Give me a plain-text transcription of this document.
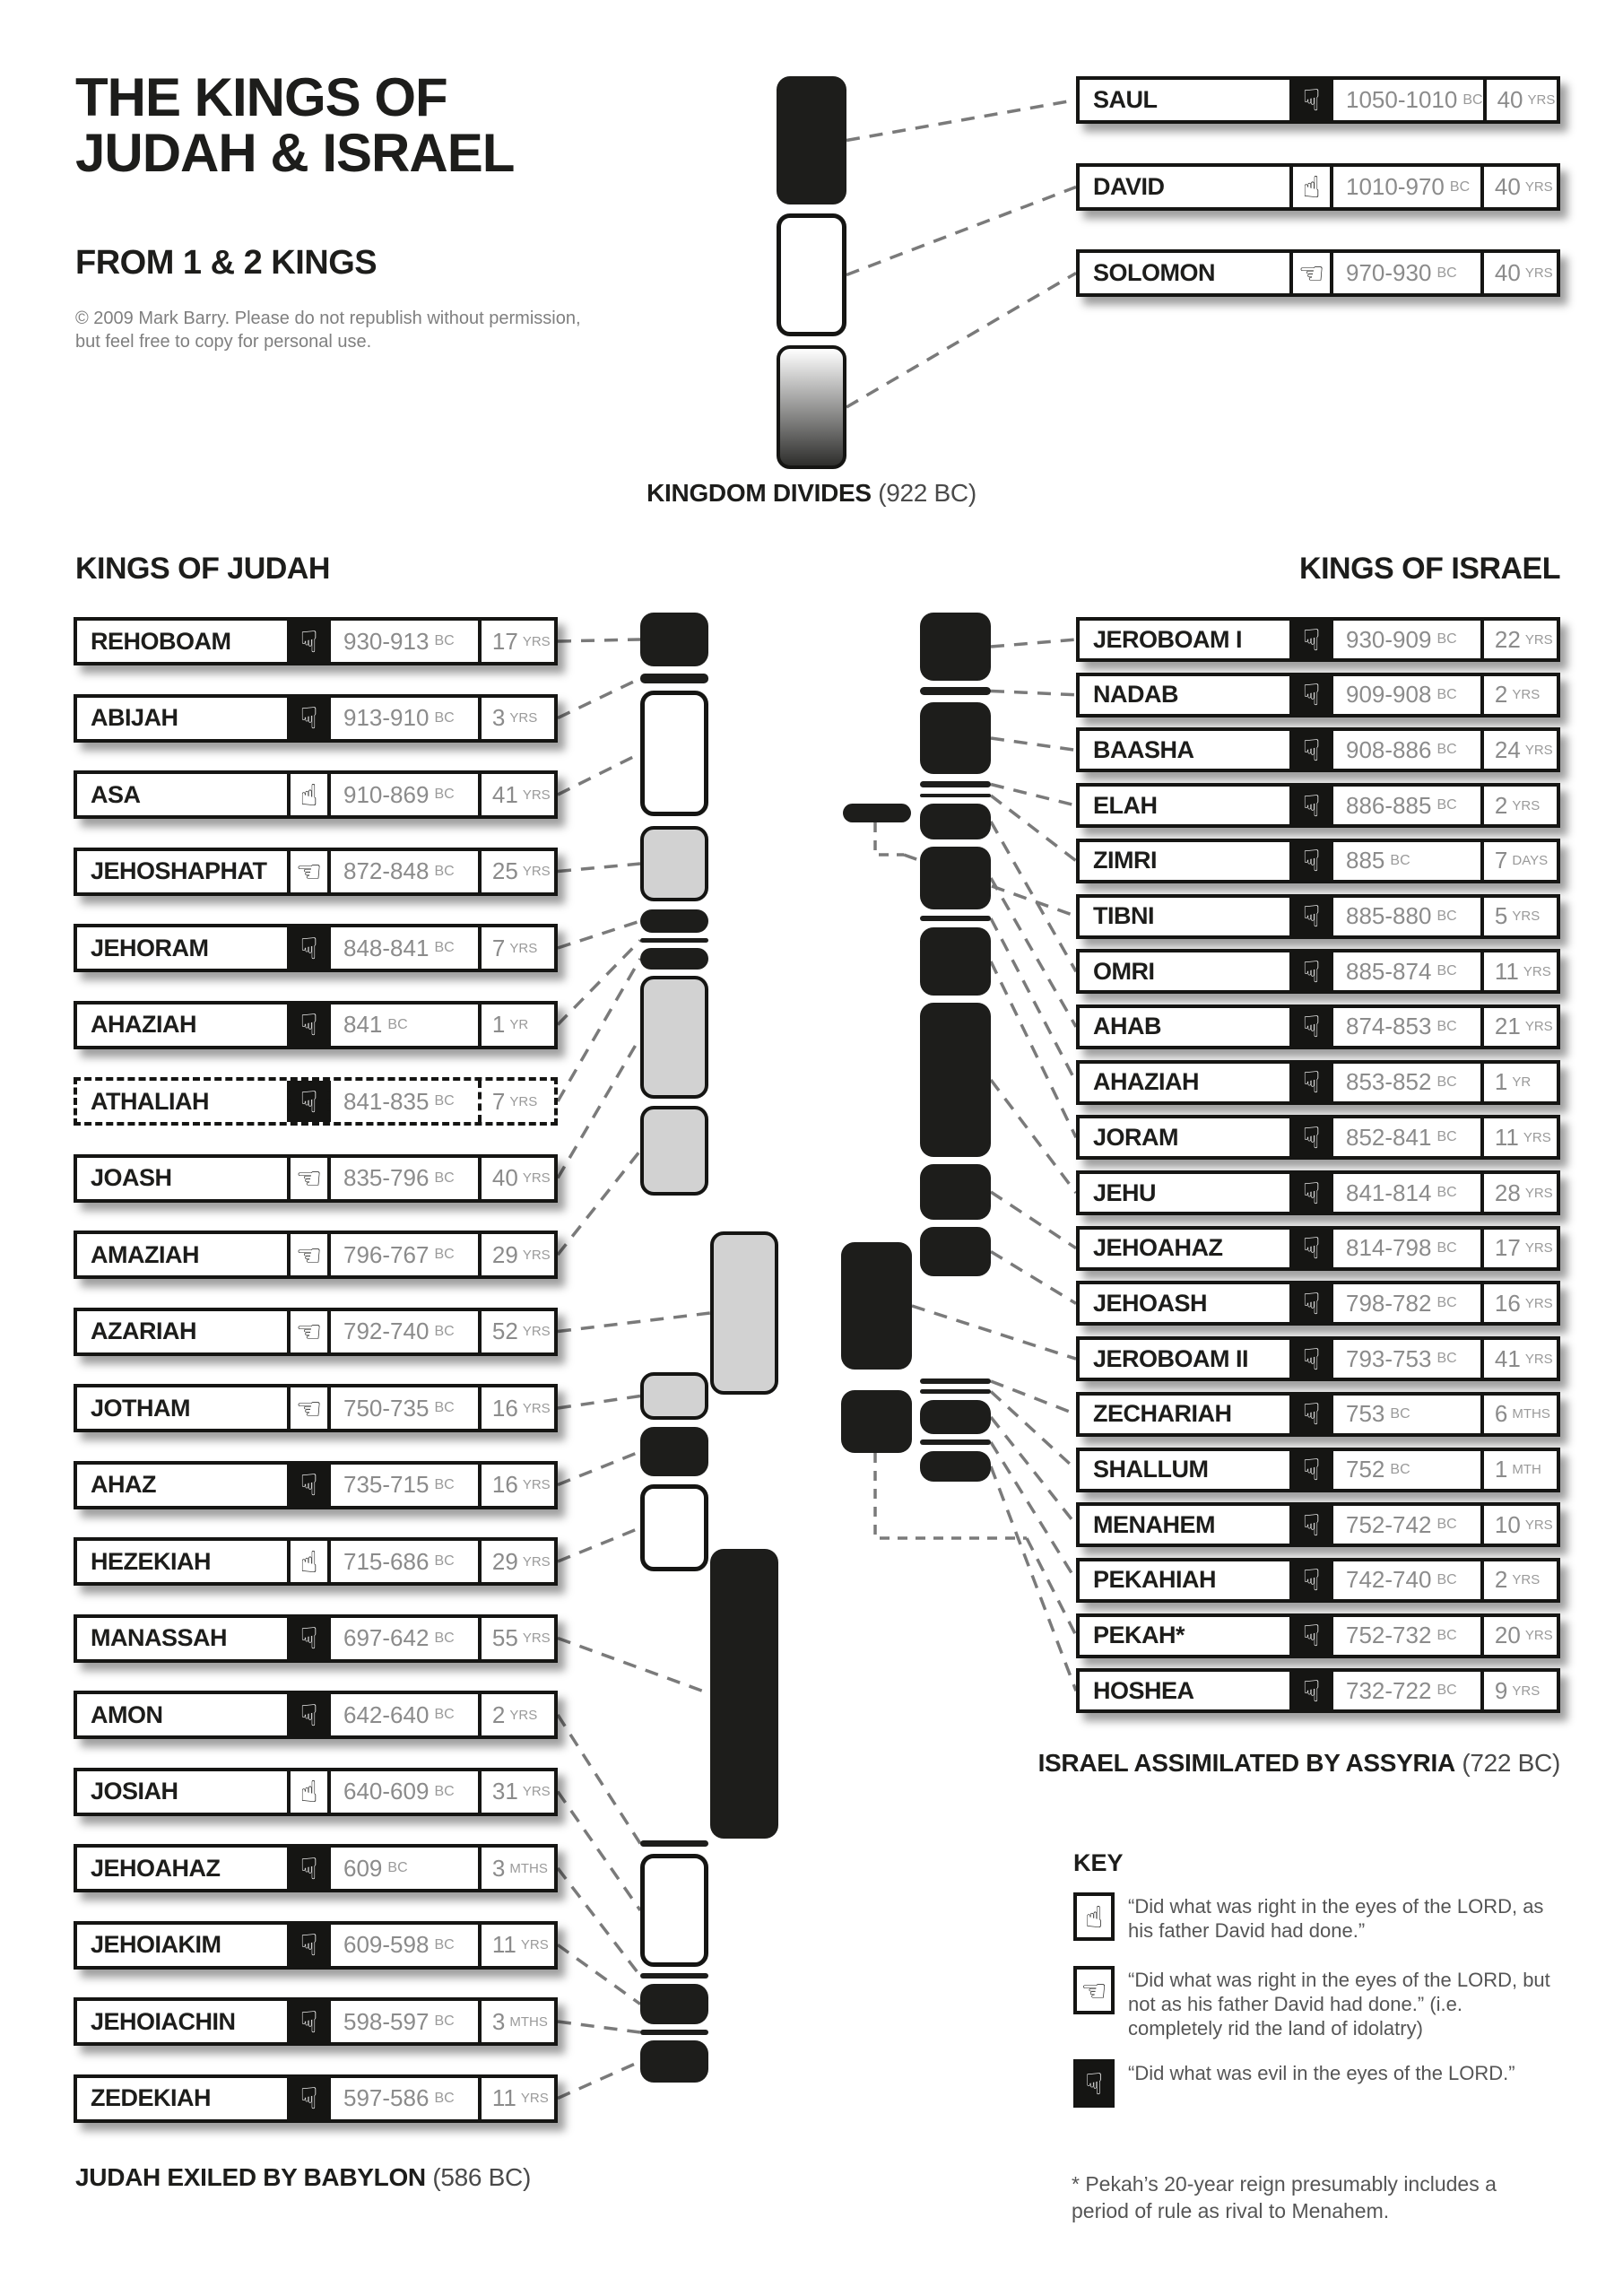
THE KINGS OF
JUDAH & ISRAEL
FROM 1 & 2 KINGS
© 2009 Mark Barry. Please do not republish without permission,
but feel free to copy for personal use.
KINGS OF JUDAH	KINGS OF ISRAEL
KINGDOM DIVIDES (922 BC)
ISRAEL ASSIMILATED BY ASSYRIA (722 BC)
JUDAH EXILED BY BABYLON (586 BC)
KEY
☝	“Did what was right in the eyes of the LORD, as his father David had done.”
☜	“Did what was right in the eyes of the LORD, but not as his father David had done.” (i.e. completely rid the land of idolatry)
☟	“Did what was evil in the eyes of the LORD.”
* Pekah’s 20-year reign presumably includes a period of rule as rival to Menahem.
SAUL	☟	1050-1010 BC 40 YRS
DAVID	☝	1010-970 BC 40 YRS
SOLOMON	☜ 970-930 BC 40 YRS
REHOBOAM	☟	930-913 BC 17 YRS
ABIJAH	☟	913-910 BC 3 YRS
ASA	☝	910-869 BC 41 YRS
JEHOSHAPHAT ☜ 872-848 BC 25 YRS
JEHORAM	☟	848-841 BC 7 YRS
AHAZIAH	☟	841 BC	1 YR
ATHALIAH	☟	841-835 BC 7 YRS
JOASH	☜ 835-796 BC 40 YRS
AMAZIAH	☜ 796-767 BC 29 YRS
AZARIAH	☜ 792-740 BC 52 YRS
JOTHAM	☜ 750-735 BC 16 YRS
AHAZ	☟	735-715 BC 16 YRS
HEZEKIAH	☝	715-686 BC 29 YRS
MANASSAH	☟	697-642 BC 55 YRS
AMON	☟	642-640 BC 2 YRS
JOSIAH	☝	640-609 BC 31 YRS
JEHOAHAZ	☟	609 BC	3 MTHS
JEHOIAKIM	☟	609-598 BC 11 YRS
JEHOIACHIN	☟	598-597 BC 3 MTHS
ZEDEKIAH	☟	597-586 BC 11 YRS
JEROBOAM I	☟	930-909 BC 22 YRS
NADAB	☟	909-908 BC 2 YRS
BAASHA	☟	908-886 BC 24 YRS
ELAH	☟	886-885 BC 2 YRS
ZIMRI	☟	885 BC	7 DAYS
TIBNI	☟	885-880 BC 5 YRS
OMRI	☟	885-874 BC 11 YRS
AHAB	☟	874-853 BC 21 YRS
AHAZIAH	☟	853-852 BC 1 YR
JORAM	☟	852-841 BC 11 YRS
JEHU	☟	841-814 BC 28 YRS
JEHOAHAZ	☟	814-798 BC 17 YRS
JEHOASH	☟	798-782 BC 16 YRS
JEROBOAM II	☟	793-753 BC 41 YRS
ZECHARIAH	☟	753 BC	6 MTHS
SHALLUM	☟	752 BC	1 MTH
MENAHEM	☟	752-742 BC 10 YRS
PEKAHIAH	☟	742-740 BC 2 YRS
PEKAH*	☟	752-732 BC 20 YRS
HOSHEA	☟	732-722 BC 9 YRS
